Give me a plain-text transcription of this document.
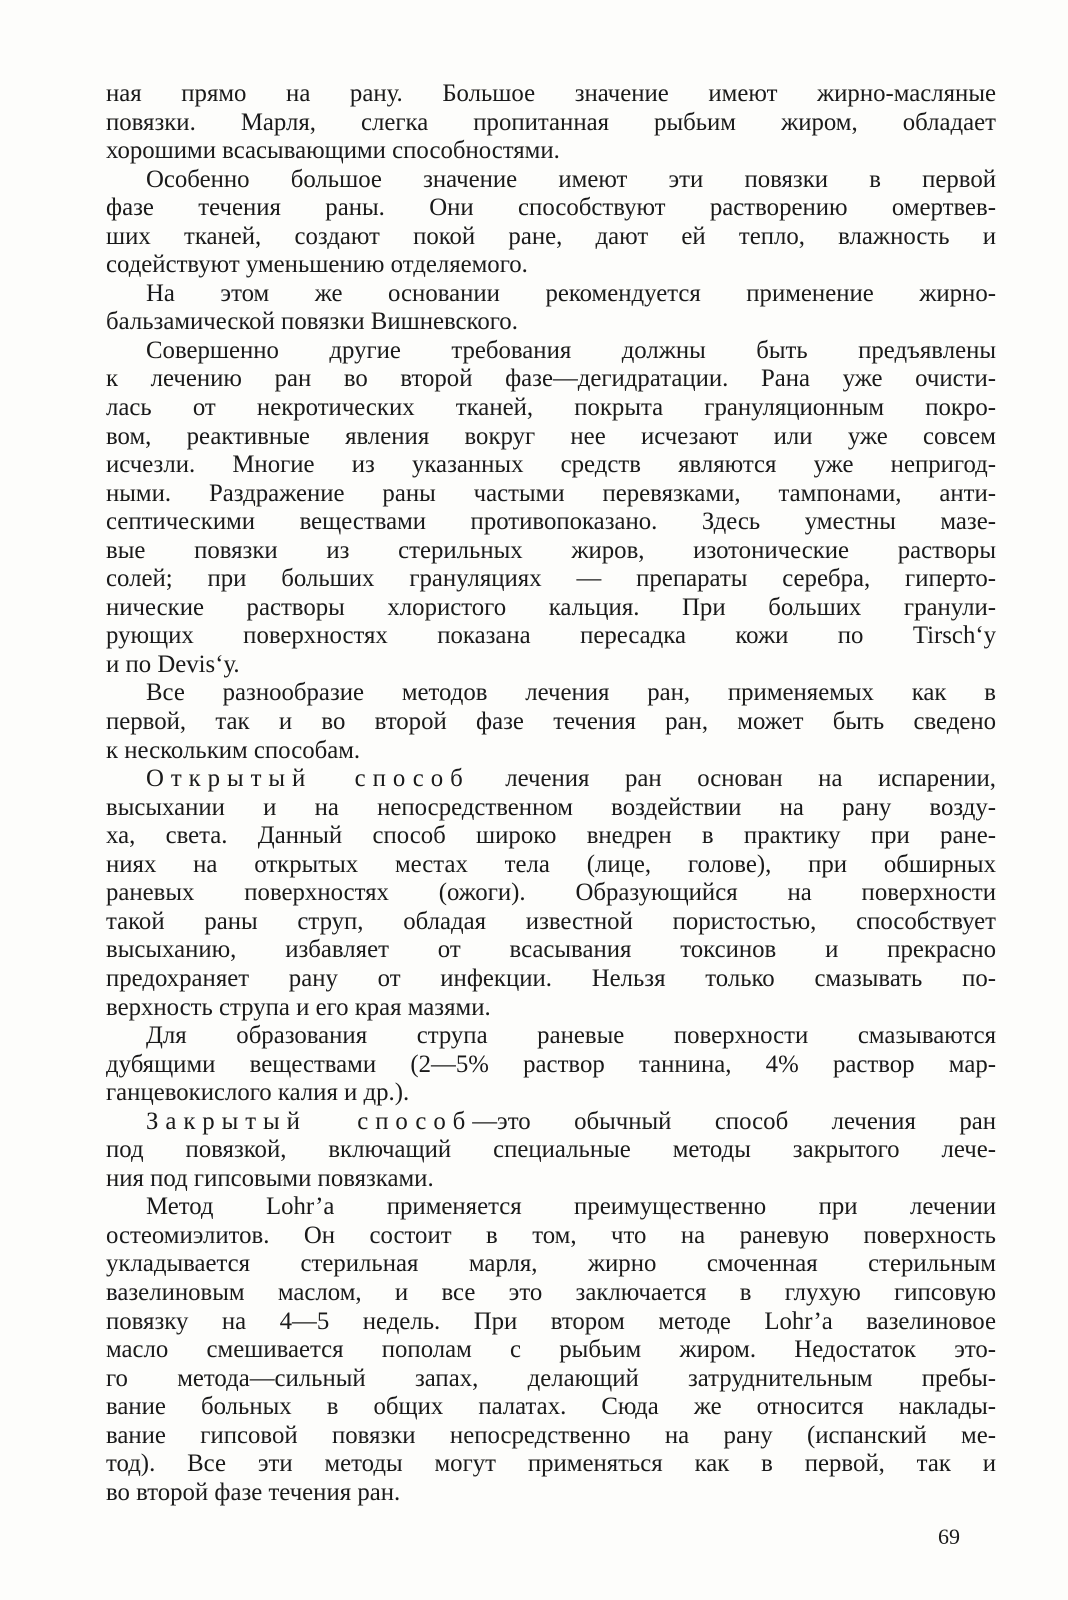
ная прямо на рану. Большое значение имеют жирно-масляные
повязки. Марля, слегка пропитанная рыбьим жиром, обладает
хорошими всасывающими способностями.
Особенно большое значение имеют эти повязки в первой
фазе течения раны. Они способствуют растворению омертвев-
ших тканей, создают покой ране, дают ей тепло, влажность и
содействуют уменьшению отделяемого.
На этом же основании рекомендуется применение жирно-
бальзамической повязки Вишневского.
Совершенно другие требования должны быть предъявлены
к лечению ран во второй фазе—дегидратации. Рана уже очисти-
лась от некротических тканей, покрыта грануляционным покро-
вом, реактивные явления вокруг нее исчезают или уже совсем
исчезли. Многие из указанных средств являются уже непригод-
ными. Раздражение раны частыми перевязками, тампонами, анти-
септическими веществами противопоказано. Здесь уместны мазе-
вые повязки из стерильных жиров, изотонические растворы
солей; при больших грануляциях — препараты серебра, гиперто-
нические растворы хлористого кальция. При больших гранули-
рующих поверхностях показана пересадка кожи по Tirsch‘у
и по Devis‘у.
Все разнообразие методов лечения ран, применяемых как в
первой, так и во второй фазе течения ран, может быть сведено
к нескольким способам.
Открытый способ лечения ран основан на испарении,
высыхании и на непосредственном воздействии на рану возду-
ха, света. Данный способ широко внедрен в практику при ране-
ниях на открытых местах тела (лице, голове), при обширных
раневых поверхностях (ожоги). Образующийся на поверхности
такой раны струп, обладая известной пористостью, способствует
высыханию, избавляет от всасывания токсинов и прекрасно
предохраняет рану от инфекции. Нельзя только смазывать по-
верхность струпа и его края мазями.
Для образования струпа раневые поверхности смазываются
дубящими веществами (2—5% раствор таннина, 4% раствор мар-
ганцевокислого калия и др.).
Закрытый способ—это обычный способ лечения ран
под повязкой, включащий специальные методы закрытого лече-
ния под гипсовыми повязками.
Метод Lohr’a применяется преимущественно при лечении
остеомиэлитов. Он состоит в том, что на раневую поверхность
укладывается стерильная марля, жирно смоченная стерильным
вазелиновым маслом, и все это заключается в глухую гипсовую
повязку на 4—5 недель. При втором методе Lohr’a вазелиновое
масло смешивается пополам с рыбьим жиром. Недостаток это-
го метода—сильный запах, делающий затруднительным пребы-
вание больных в общих палатах. Сюда же относится наклады-
вание гипсовой повязки непосредственно на рану (испанский ме-
тод). Все эти методы могут применяться как в первой, так и
во второй фазе течения ран.
69
